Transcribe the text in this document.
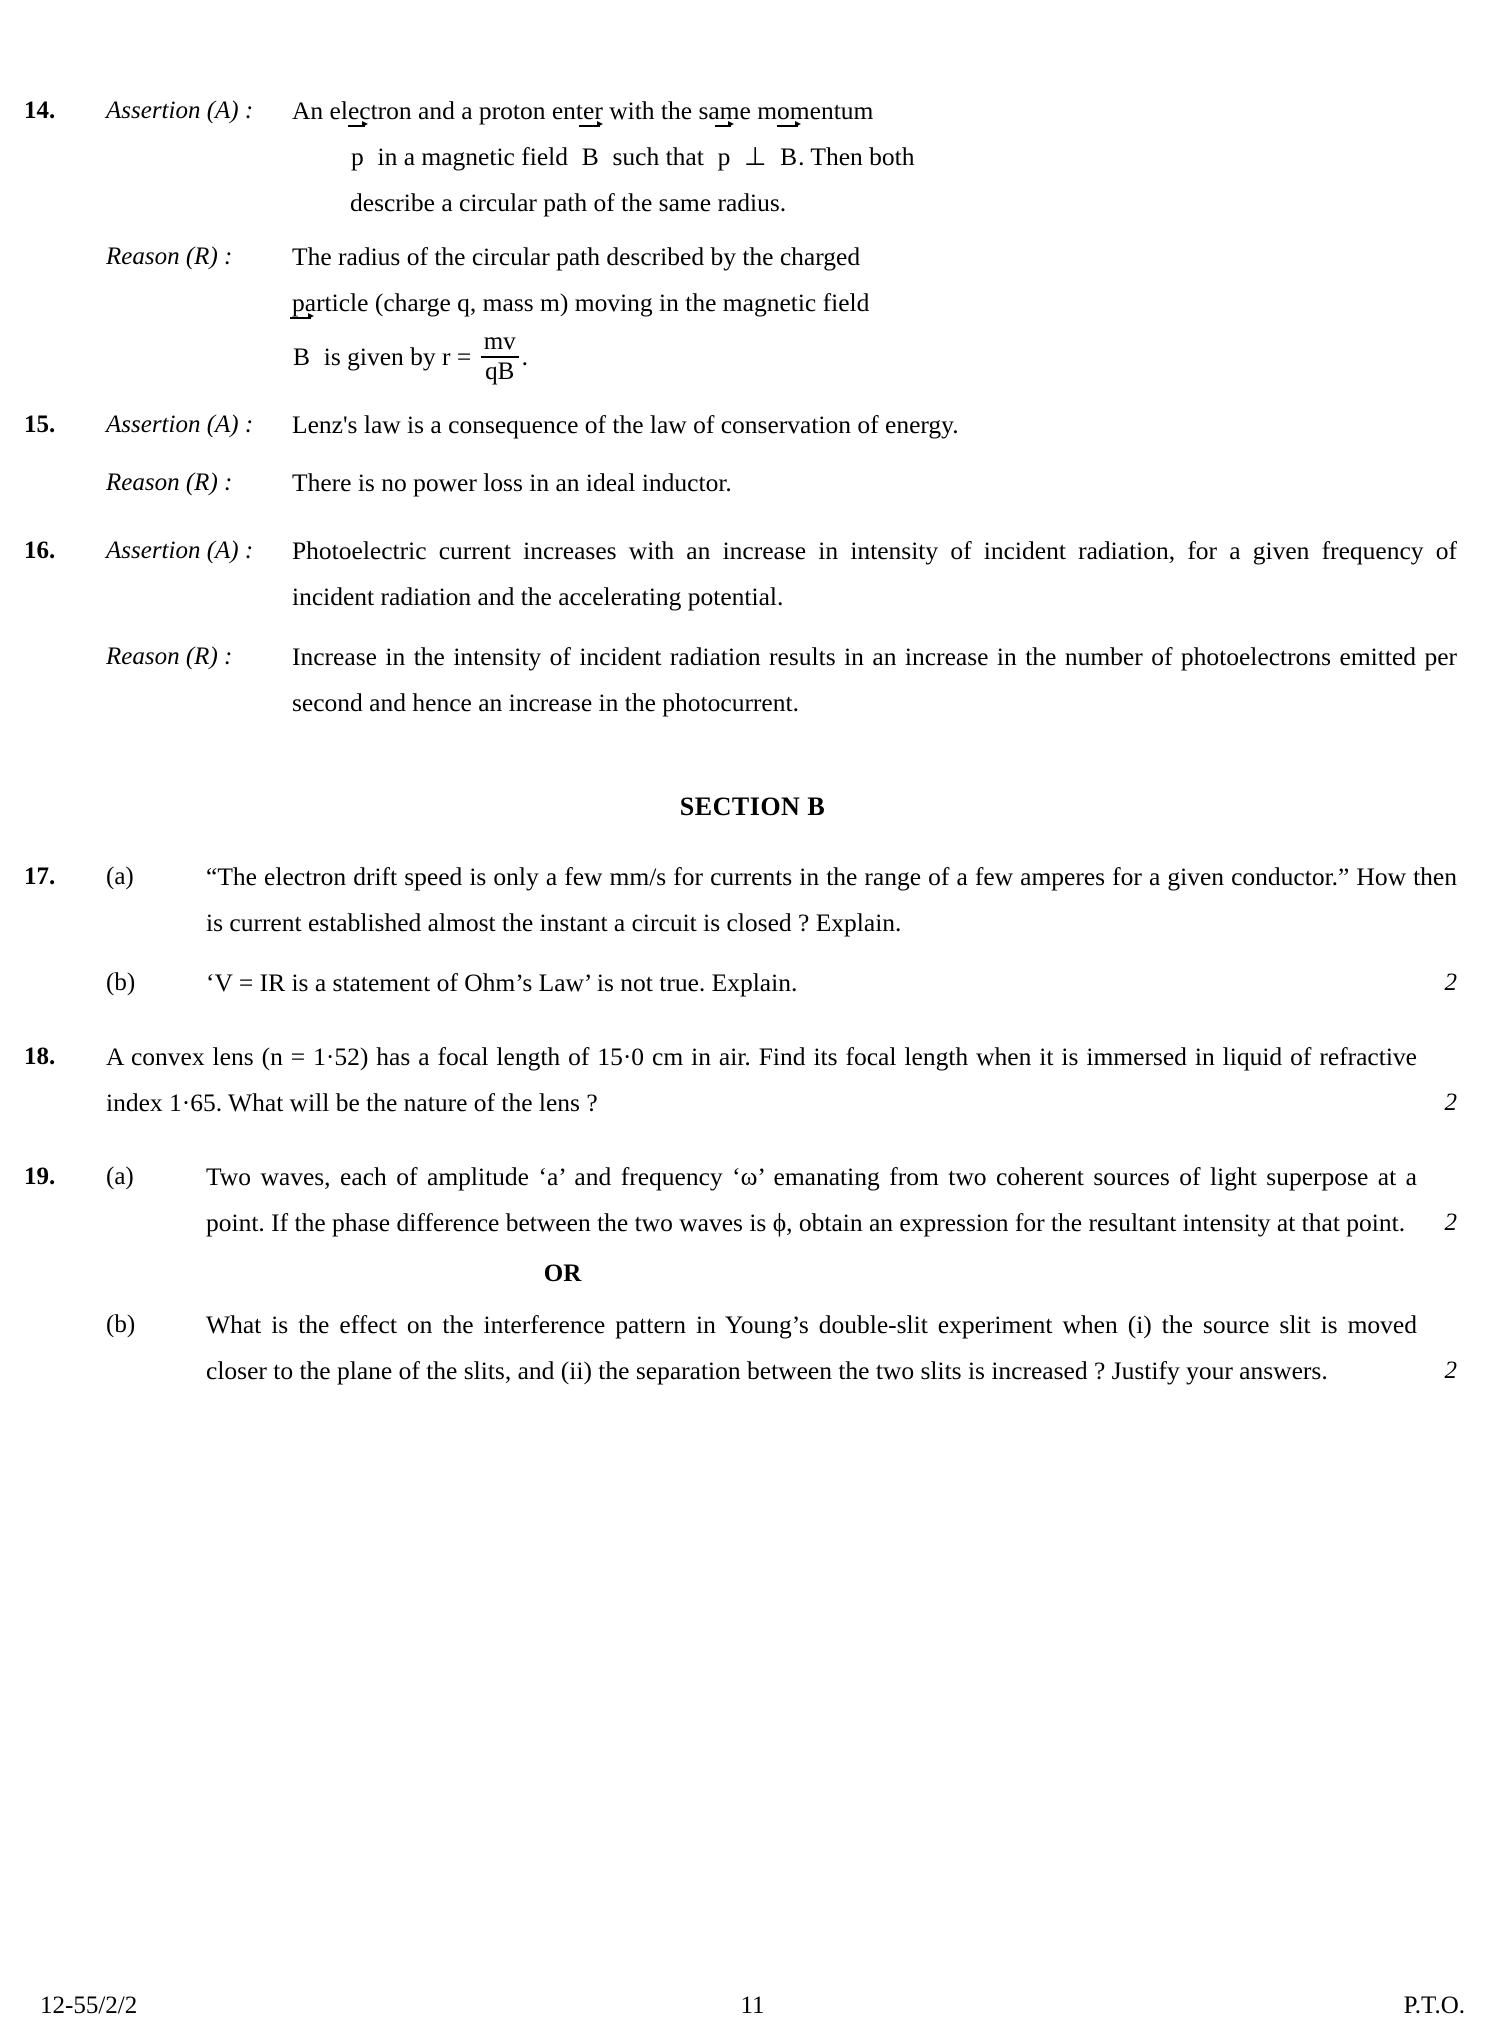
14.	Assertion (A) :	An electron and a proton enter with the same momentum
p in a magnetic field B such that p ⊥ B. Then both
describe a circular path of the same radius.
Reason (R) :	The radius of the circular path described by the charged
particle (charge q, mass m) moving in the magnetic field
B is given by $r = \frac{mv}{qB}$ .
15.	Assertion (A) :	Lenz's law is a consequence of the law of conservation of energy.
Reason (R) :	There is no power loss in an ideal inductor.
16.	Assertion (A) :	Photoelectric current increases with an increase in intensity of incident radiation, for a given frequency of incident radiation and the accelerating potential.
Reason (R) :	Increase in the intensity of incident radiation results in an increase in the number of photoelectrons emitted per second and hence an increase in the photocurrent.
SECTION B
17.	(a)	“The electron drift speed is only a few mm/s for currents in the range of a few amperes for a given conductor.” How then is current established almost the instant a circuit is closed ? Explain.
(b)	‘V = IR is a statement of Ohm’s Law’ is not true. Explain.	2
18.	A convex lens (n = 1·52) has a focal length of 15·0 cm in air. Find its focal length when it is immersed in liquid of refractive index 1·65. What will be the nature of the lens ?	2
19.	(a)	Two waves, each of amplitude ‘a’ and frequency ‘ω’ emanating from two coherent sources of light superpose at a point. If the phase difference between the two waves is ϕ, obtain an expression for the resultant intensity at that point.	2
OR
(b)	What is the effect on the interference pattern in Young’s double-slit experiment when (i) the source slit is moved closer to the plane of the slits, and (ii) the separation between the two slits is increased ? Justify your answers.	2
12-55/2/2	11	P.T.O.
